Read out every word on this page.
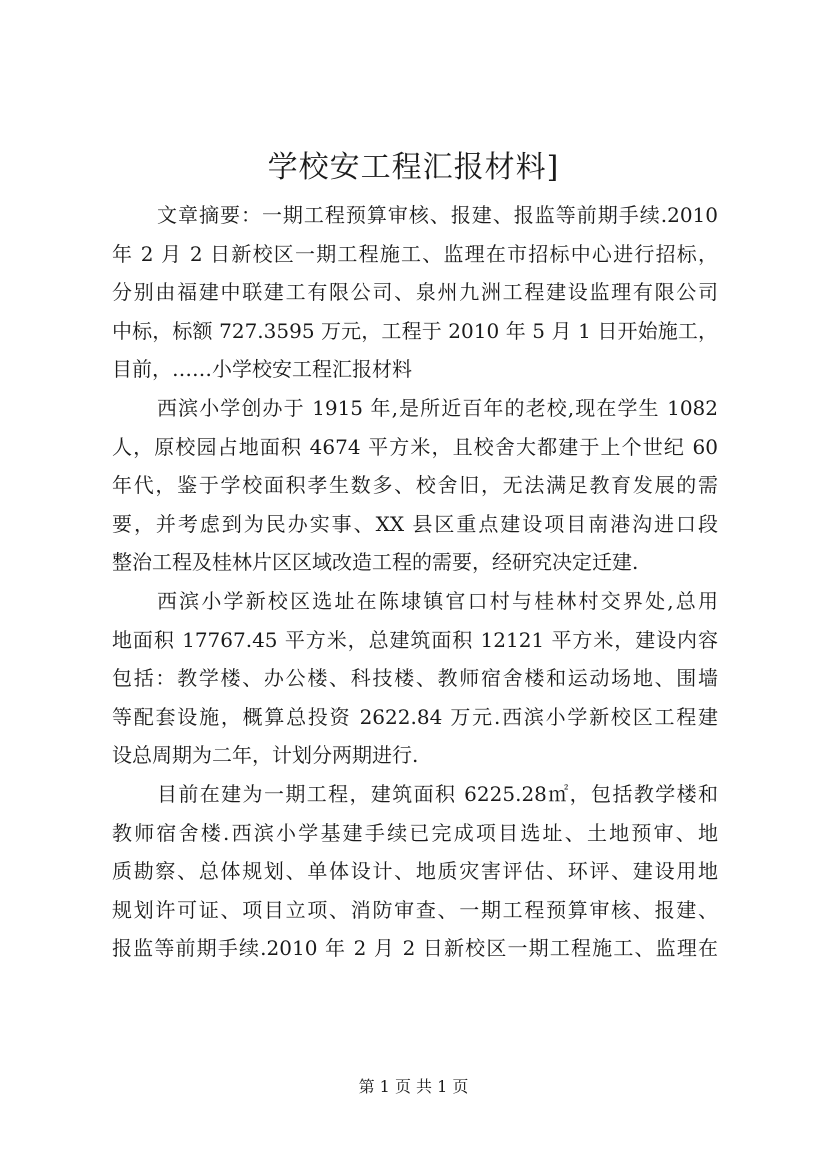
学校安工程汇报材料]
文章摘要：一期工程预算审核、报建、报监等前期手续.2010
年 2 月 2 日新校区一期工程施工、监理在市招标中心进行招标，
分别由福建中联建工有限公司、泉州九洲工程建设监理有限公司
中标，标额 727.3595 万元，工程于 2010 年 5 月 1 日开始施工，
目前，……小学校安工程汇报材料
西滨小学创办于 1915 年,是所近百年的老校,现在学生 1082
人，原校园占地面积 4674 平方米，且校舍大都建于上个世纪 60
年代，鉴于学校面积孝生数多、校舍旧，无法满足教育发展的需
要，并考虑到为民办实事、XX 县区重点建设项目南港沟进口段
整治工程及桂林片区区域改造工程的需要，经研究决定迁建.
西滨小学新校区选址在陈埭镇官口村与桂林村交界处,总用
地面积 17767.45 平方米，总建筑面积 12121 平方米，建设内容
包括：教学楼、办公楼、科技楼、教师宿舍楼和运动场地、围墙
等配套设施，概算总投资 2622.84 万元.西滨小学新校区工程建
设总周期为二年，计划分两期进行.
目前在建为一期工程，建筑面积 6225.28㎡，包括教学楼和
教师宿舍楼.西滨小学基建手续已完成项目选址、土地预审、地
质勘察、总体规划、单体设计、地质灾害评估、环评、建设用地
规划许可证、项目立项、消防审查、一期工程预算审核、报建、
报监等前期手续.2010 年 2 月 2 日新校区一期工程施工、监理在
第 1 页 共 1 页
